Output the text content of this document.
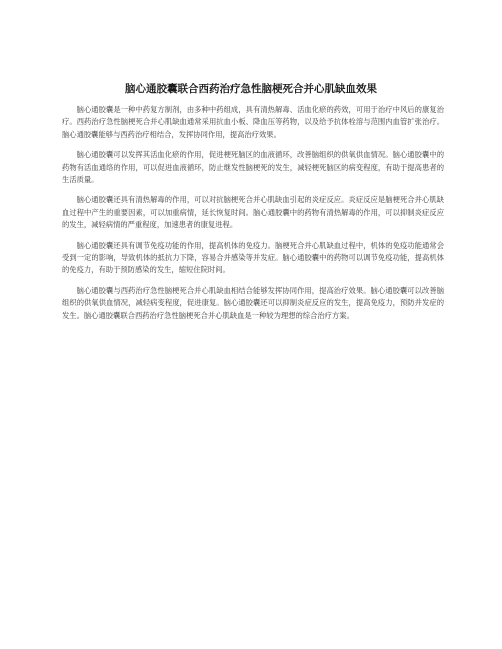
脑心通胶囊联合西药治疗急性脑梗死合并心肌缺血效果

脑心通胶囊是一种中药复方制剂，由多种中药组成，具有清热解毒、活血化瘀的药效，可用于治疗中风后的康复治疗。西药治疗急性脑梗死合并心肌缺血通常采用抗血小板、降血压等药物，以及给予抗体栓溶与范围内血管扩张治疗。脑心通胶囊能够与西药治疗相结合，发挥协同作用，提高治疗效果。

脑心通胶囊可以发挥其活血化瘀的作用，促进梗死脑区的血液循环，改善脑组织的供氧供血情况。脑心通胶囊中的药物有活血通络的作用，可以促进血液循环，防止继发性脑梗死的发生，减轻梗死脑区的病变程度，有助于提高患者的生活质量。

脑心通胶囊还具有清热解毒的作用，可以对抗脑梗死合并心肌缺血引起的炎症反应。炎症反应是脑梗死合并心肌缺血过程中产生的重要因素，可以加重病情，延长恢复时间。脑心通胶囊中的药物有清热解毒的作用，可以抑制炎症反应的发生，减轻病情的严重程度，加速患者的康复进程。

脑心通胶囊还具有调节免疫功能的作用，提高机体的免疫力。脑梗死合并心肌缺血过程中，机体的免疫功能通常会受到一定的影响，导致机体的抵抗力下降，容易合并感染等并发症。脑心通胶囊中的药物可以调节免疫功能，提高机体的免疫力，有助于预防感染的发生，缩短住院时间。

脑心通胶囊与西药治疗急性脑梗死合并心肌缺血相结合能够发挥协同作用，提高治疗效果。脑心通胶囊可以改善脑组织的供氧供血情况，减轻病变程度，促进康复。脑心通胶囊还可以抑制炎症反应的发生，提高免疫力，预防并发症的发生。脑心通胶囊联合西药治疗急性脑梗死合并心肌缺血是一种较为理想的综合治疗方案。
